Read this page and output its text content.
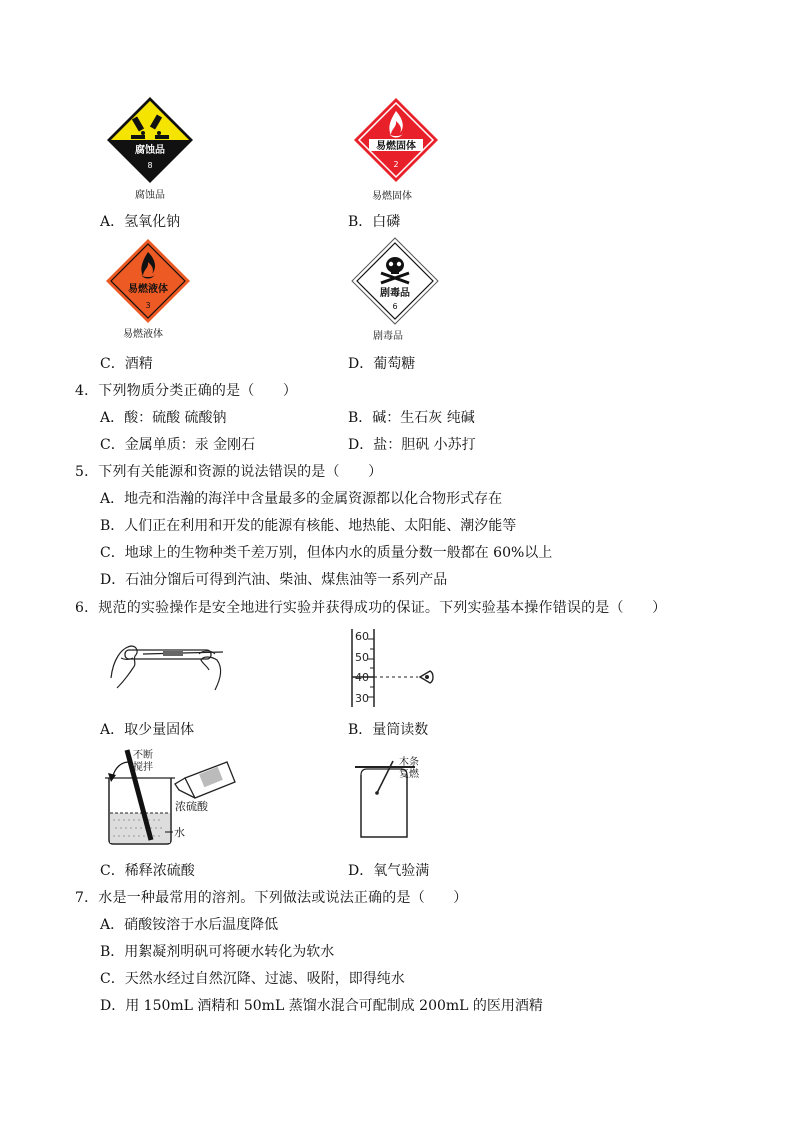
腐蚀品
8
腐蚀品
易燃固体
2
易燃固体
A．氢氧化钠	B．白磷
易燃液体
3
易燃液体
剧毒品
6
剧毒品
C．酒精	D．葡萄糖
4．下列物质分类正确的是（　　）
A．酸：硫酸 硫酸钠	B．碱：生石灰 纯碱
C．金属单质：汞 金刚石	D．盐：胆矾 小苏打
5．下列有关能源和资源的说法错误的是（　　）
A．地壳和浩瀚的海洋中含量最多的金属资源都以化合物形式存在
B．人们正在利用和开发的能源有核能、地热能、太阳能、潮汐能等
C．地球上的生物种类千差万别，但体内水的质量分数一般都在 60%以上
D．石油分馏后可得到汽油、柴油、煤焦油等一系列产品
6．规范的实验操作是安全地进行实验并获得成功的保证。下列实验基本操作错误的是（　　）
60
50
40
30
A．取少量固体	B．量筒读数
不断
搅拌
浓硫酸
水
木条
复燃
C．稀释浓硫酸	D．氧气验满
7．水是一种最常用的溶剂。下列做法或说法正确的是（　　）
A．硝酸铵溶于水后温度降低
B．用絮凝剂明矾可将硬水转化为软水
C．天然水经过自然沉降、过滤、吸附，即得纯水
D．用 150mL 酒精和 50mL 蒸馏水混合可配制成 200mL 的医用酒精
